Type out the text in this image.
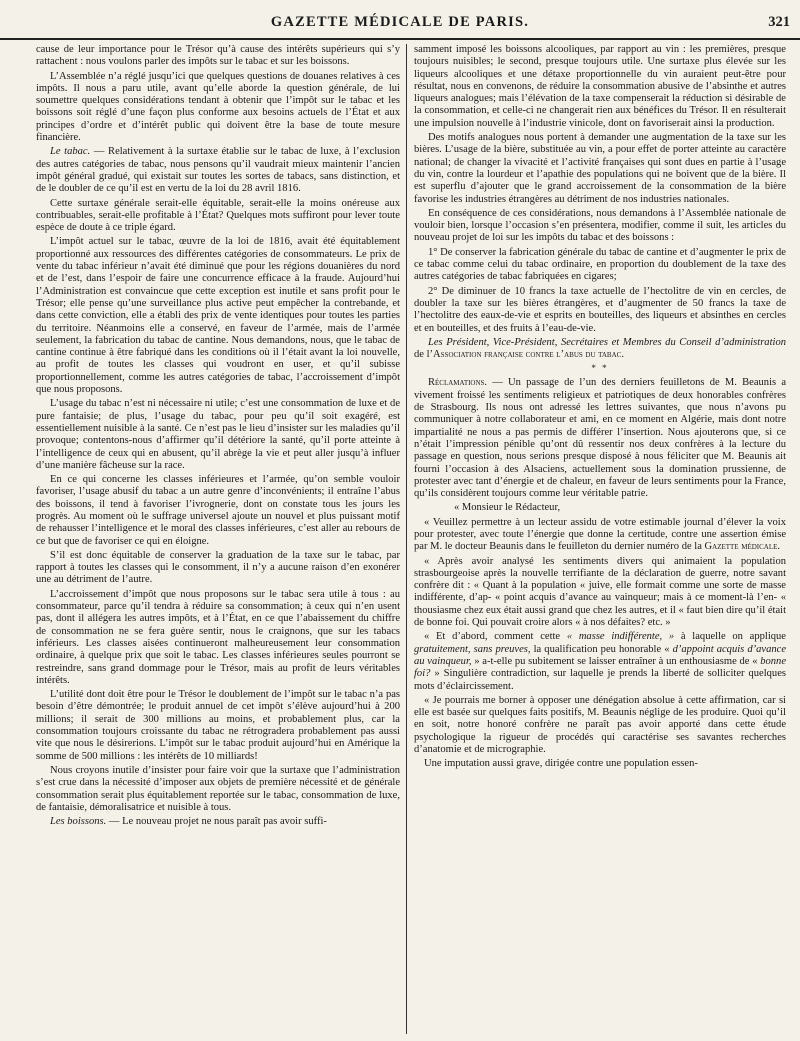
GAZETTE MÉDICALE DE PARIS.	321

cause de leur importance pour le Trésor qu’à cause des intérêts supérieurs qui s’y rattachent : nous voulons parler des impôts sur le tabac et sur les boissons.

L’Assemblée n’a réglé jusqu’ici que quelques questions de douanes relatives à ces impôts. Il nous a paru utile, avant qu’elle aborde la question générale, de lui soumettre quelques considérations tendant à obtenir que l’impôt sur le tabac et les boissons soit réglé d’une façon plus conforme aux besoins actuels de l’État et aux principes d’ordre et d’intérêt public qui doivent être la base de toute mesure financière.

Le tabac. — Relativement à la surtaxe établie sur le tabac de luxe, à l’exclusion des autres catégories de tabac, nous pensons qu’il vaudrait mieux maintenir l’ancien impôt général gradué, qui existait sur toutes les sortes de tabacs, sans distinction, et de le doubler de ce qu’il est en vertu de la loi du 28 avril 1816.

Cette surtaxe générale serait-elle équitable, serait-elle la moins onéreuse aux contribuables, serait-elle profitable à l’État? Quelques mots suffiront pour lever toute espèce de doute à ce triple égard.

L’impôt actuel sur le tabac, œuvre de la loi de 1816, avait été équitablement proportionné aux ressources des différentes catégories de consommateurs. Le prix de vente du tabac inférieur n’avait été diminué que pour les régions douanières du nord et de l’est, dans l’espoir de faire une concurrence efficace à la fraude. Aujourd’hui l’Administration est convaincue que cette exception est inutile et sans profit pour le Trésor; elle pense qu’une surveillance plus active peut empêcher la contrebande, et dans cette conviction, elle a établi des prix de vente identiques pour toutes les parties du territoire. Néanmoins elle a conservé, en faveur de l’armée, mais de l’armée seulement, la fabrication du tabac de cantine. Nous demandons, nous, que le tabac de cantine continue à être fabriqué dans les conditions où il l’était avant la loi nouvelle, au profit de toutes les classes qui voudront en user, et qu’il subisse proportionnellement, comme les autres catégories de tabac, l’accroissement d’impôt que nous proposons.

L’usage du tabac n’est ni nécessaire ni utile; c’est une consommation de luxe et de pure fantaisie; de plus, l’usage du tabac, pour peu qu’il soit exagéré, est essentiellement nuisible à la santé. Ce n’est pas le lieu d’insister sur les maladies qu’il provoque; contentons-nous d’affirmer qu’il détériore la santé, qu’il porte atteinte à l’intelligence de ceux qui en abusent, qu’il abrège la vie et peut aller jusqu’à influer d’une manière fâcheuse sur la race.

En ce qui concerne les classes inférieures et l’armée, qu’on semble vouloir favoriser, l’usage abusif du tabac a un autre genre d’inconvénients; il entraîne l’abus des boissons, il tend à favoriser l’ivrognerie, dont on constate tous les jours les progrès. Au moment où le suffrage universel ajoute un nouvel et plus puissant motif de rehausser l’intelligence et le moral des classes inférieures, c’est aller au rebours de ce but que de favoriser ce qui en éloigne.

S’il est donc équitable de conserver la graduation de la taxe sur le tabac, par rapport à toutes les classes qui le consomment, il n’y a aucune raison d’en exonérer une au détriment de l’autre.

L’accroissement d’impôt que nous proposons sur le tabac sera utile à tous : au consommateur, parce qu’il tendra à réduire sa consommation; à ceux qui n’en usent pas, dont il allégera les autres impôts, et à l’État, en ce que l’abaissement du chiffre de consommation ne se fera guère sentir, nous le craignons, que sur les tabacs inférieurs. Les classes aisées continueront malheureusement leur consommation ordinaire, à quelque prix que soit le tabac. Les classes inférieures seules pourront se restreindre, sans grand dommage pour le Trésor, mais au profit de leurs véritables intérêts.

L’utilité dont doit être pour le Trésor le doublement de l’impôt sur le tabac n’a pas besoin d’être démontrée; le produit annuel de cet impôt s’élève aujourd’hui à 200 millions; il serait de 300 millions au moins, et probablement plus, car la consommation toujours croissante du tabac ne rétrogradera probablement pas aussi vite que nous le désirerions. L’impôt sur le tabac produit aujourd’hui en Amérique la somme de 500 millions : les intérêts de 10 milliards!

Nous croyons inutile d’insister pour faire voir que la surtaxe que l’administration s’est crue dans la nécessité d’imposer aux objets de première nécessité et de générale consommation serait plus équitablement reportée sur le tabac, consommation de luxe, de fantaisie, démoralisatrice et nuisible à tous.

Les boissons. — Le nouveau projet ne nous paraît pas avoir suffi-

samment imposé les boissons alcooliques, par rapport au vin : les premières, presque toujours nuisibles; le second, presque toujours utile. Une surtaxe plus élevée sur les liqueurs alcooliques et une détaxe proportionnelle du vin auraient peut-être pour résultat, nous en convenons, de réduire la consommation abusive de l’absinthe et autres liqueurs analogues; mais l’élévation de la taxe compenserait la réduction si désirable de la consommation, et celle-ci ne changerait rien aux bénéfices du Trésor. Il en résulterait une impulsion nouvelle à l’industrie vinicole, dont on favoriserait ainsi la production.

Des motifs analogues nous portent à demander une augmentation de la taxe sur les bières. L’usage de la bière, substituée au vin, a pour effet de porter atteinte au caractère national; de changer la vivacité et l’activité françaises qui sont dues en partie à l’usage du vin, contre la lourdeur et l’apathie des populations qui ne boivent que de la bière. Il est superflu d’ajouter que le grand accroissement de la consommation de la bière favorise les industries étrangères au détriment de nos industries nationales.

En conséquence de ces considérations, nous demandons à l’Assemblée nationale de vouloir bien, lorsque l’occasion s’en présentera, modifier, comme il suit, les articles du nouveau projet de loi sur les impôts du tabac et des boissons :

1° De conserver la fabrication générale du tabac de cantine et d’augmenter le prix de ce tabac comme celui du tabac ordinaire, en proportion du doublement de la taxe des autres catégories de tabac fabriquées en cigares;

2° De diminuer de 10 francs la taxe actuelle de l’hectolitre de vin en cercles, de doubler la taxe sur les bières étrangères, et d’augmenter de 50 francs la taxe de l’hectolitre des eaux-de-vie et esprits en bouteilles, des liqueurs et absinthes en cercles et en bouteilles, et des fruits à l’eau-de-vie.

Les Président, Vice-Président, Secrétaires et Membres du Conseil d’administration de l’Association française contre l’abus du tabac.

* *

Réclamations. — Un passage de l’un des derniers feuilletons de M. Beaunis a vivement froissé les sentiments religieux et patriotiques de deux honorables confrères de Strasbourg. Ils nous ont adressé les lettres suivantes, que nous n’avons pu communiquer à notre collaborateur et ami, en ce moment en Algérie, mais dont notre impartialité ne nous a pas permis de différer l’insertion. Nous ajouterons que, si ce n’était l’impression pénible qu’ont dû ressentir nos deux confrères à la lecture du passage en question, nous serions presque disposé à nous féliciter que M. Beaunis ait fourni l’occasion à des Alsaciens, actuellement sous la domination prussienne, de protester avec tant d’énergie et de chaleur, en faveur de leurs sentiments pour la France, qu’ils considèrent toujours comme leur véritable patrie.

« Monsieur le Rédacteur,

« Veuillez permettre à un lecteur assidu de votre estimable journal d’élever la voix pour protester, avec toute l’énergie que donne la certitude, contre une assertion émise par M. le docteur Beaunis dans le feuilleton du dernier numéro de la Gazette médicale.

« Après avoir analysé les sentiments divers qui animaient la population strasbourgeoise après la nouvelle terrifiante de la déclaration de guerre, notre savant confrère dit : « Quant à la population « juive, elle formait comme une sorte de masse indifférente, d’ap- « point acquis d’avance au vainqueur; mais à ce moment-là l’en- « thousiasme chez eux était aussi grand que chez les autres, et il « faut bien dire qu’il était de bonne foi. Qui pouvait croire alors « à nos défaites? etc. »

« Et d’abord, comment cette « masse indifférente, » à laquelle on applique gratuitement, sans preuves, la qualification peu honorable « d’appoint acquis d’avance au vainqueur, » a-t-elle pu subitement se laisser entraîner à un enthousiasme de « bonne foi? » Singulière contradiction, sur laquelle je prends la liberté de solliciter quelques mots d’éclaircissement.

« Je pourrais me borner à opposer une dénégation absolue à cette affirmation, car si elle est basée sur quelques faits positifs, M. Beaunis néglige de les produire. Quoi qu’il en soit, notre honoré confrère ne paraît pas avoir apporté dans cette étude psychologique la rigueur de procédés qui caractérise ses savantes recherches d’anatomie et de micrographie.

Une imputation aussi grave, dirigée contre une population essen-
